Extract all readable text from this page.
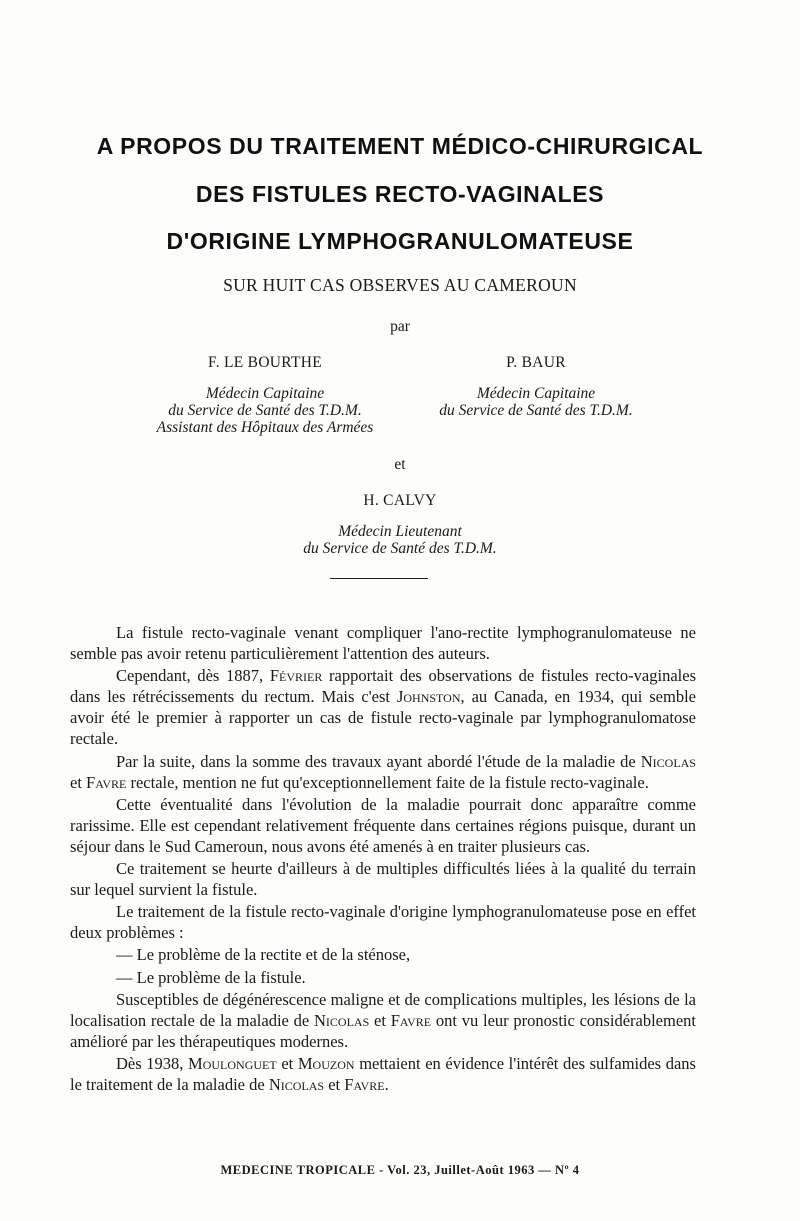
A PROPOS DU TRAITEMENT MÉDICO-CHIRURGICAL
DES FISTULES RECTO-VAGINALES
D'ORIGINE LYMPHOGRANULOMATEUSE
SUR HUIT CAS OBSERVES AU CAMEROUN
par
F. LE BOURTHE
Médecin Capitaine
du Service de Santé des T.D.M.
Assistant des Hôpitaux des Armées
P. BAUR
Médecin Capitaine
du Service de Santé des T.D.M.
et
H. CALVY
Médecin Lieutenant
du Service de Santé des T.D.M.

La fistule recto-vaginale venant compliquer l'ano-rectite lymphogranulomateuse ne semble pas avoir retenu particulièrement l'attention des auteurs.

Cependant, dès 1887, Février rapportait des observations de fistules recto-vaginales dans les rétrécissements du rectum. Mais c'est Johnston, au Canada, en 1934, qui semble avoir été le premier à rapporter un cas de fistule recto-vaginale par lymphogranulomatose rectale.

Par la suite, dans la somme des travaux ayant abordé l'étude de la maladie de Nicolas et Favre rectale, mention ne fut qu'exceptionnellement faite de la fistule recto-vaginale.

Cette éventualité dans l'évolution de la maladie pourrait donc apparaître comme rarissime. Elle est cependant relativement fréquente dans certaines régions puisque, durant un séjour dans le Sud Cameroun, nous avons été amenés à en traiter plusieurs cas.

Ce traitement se heurte d'ailleurs à de multiples difficultés liées à la qualité du terrain sur lequel survient la fistule.

Le traitement de la fistule recto-vaginale d'origine lymphogranulomateuse pose en effet deux problèmes :

— Le problème de la rectite et de la sténose,

— Le problème de la fistule.

Susceptibles de dégénérescence maligne et de complications multiples, les lésions de la localisation rectale de la maladie de Nicolas et Favre ont vu leur pronostic considérablement amélioré par les thérapeutiques modernes.

Dès 1938, Moulonguet et Mouzon mettaient en évidence l'intérêt des sulfamides dans le traitement de la maladie de Nicolas et Favre.

MEDECINE TROPICALE - Vol. 23, Juillet-Août 1963 — Nº 4
